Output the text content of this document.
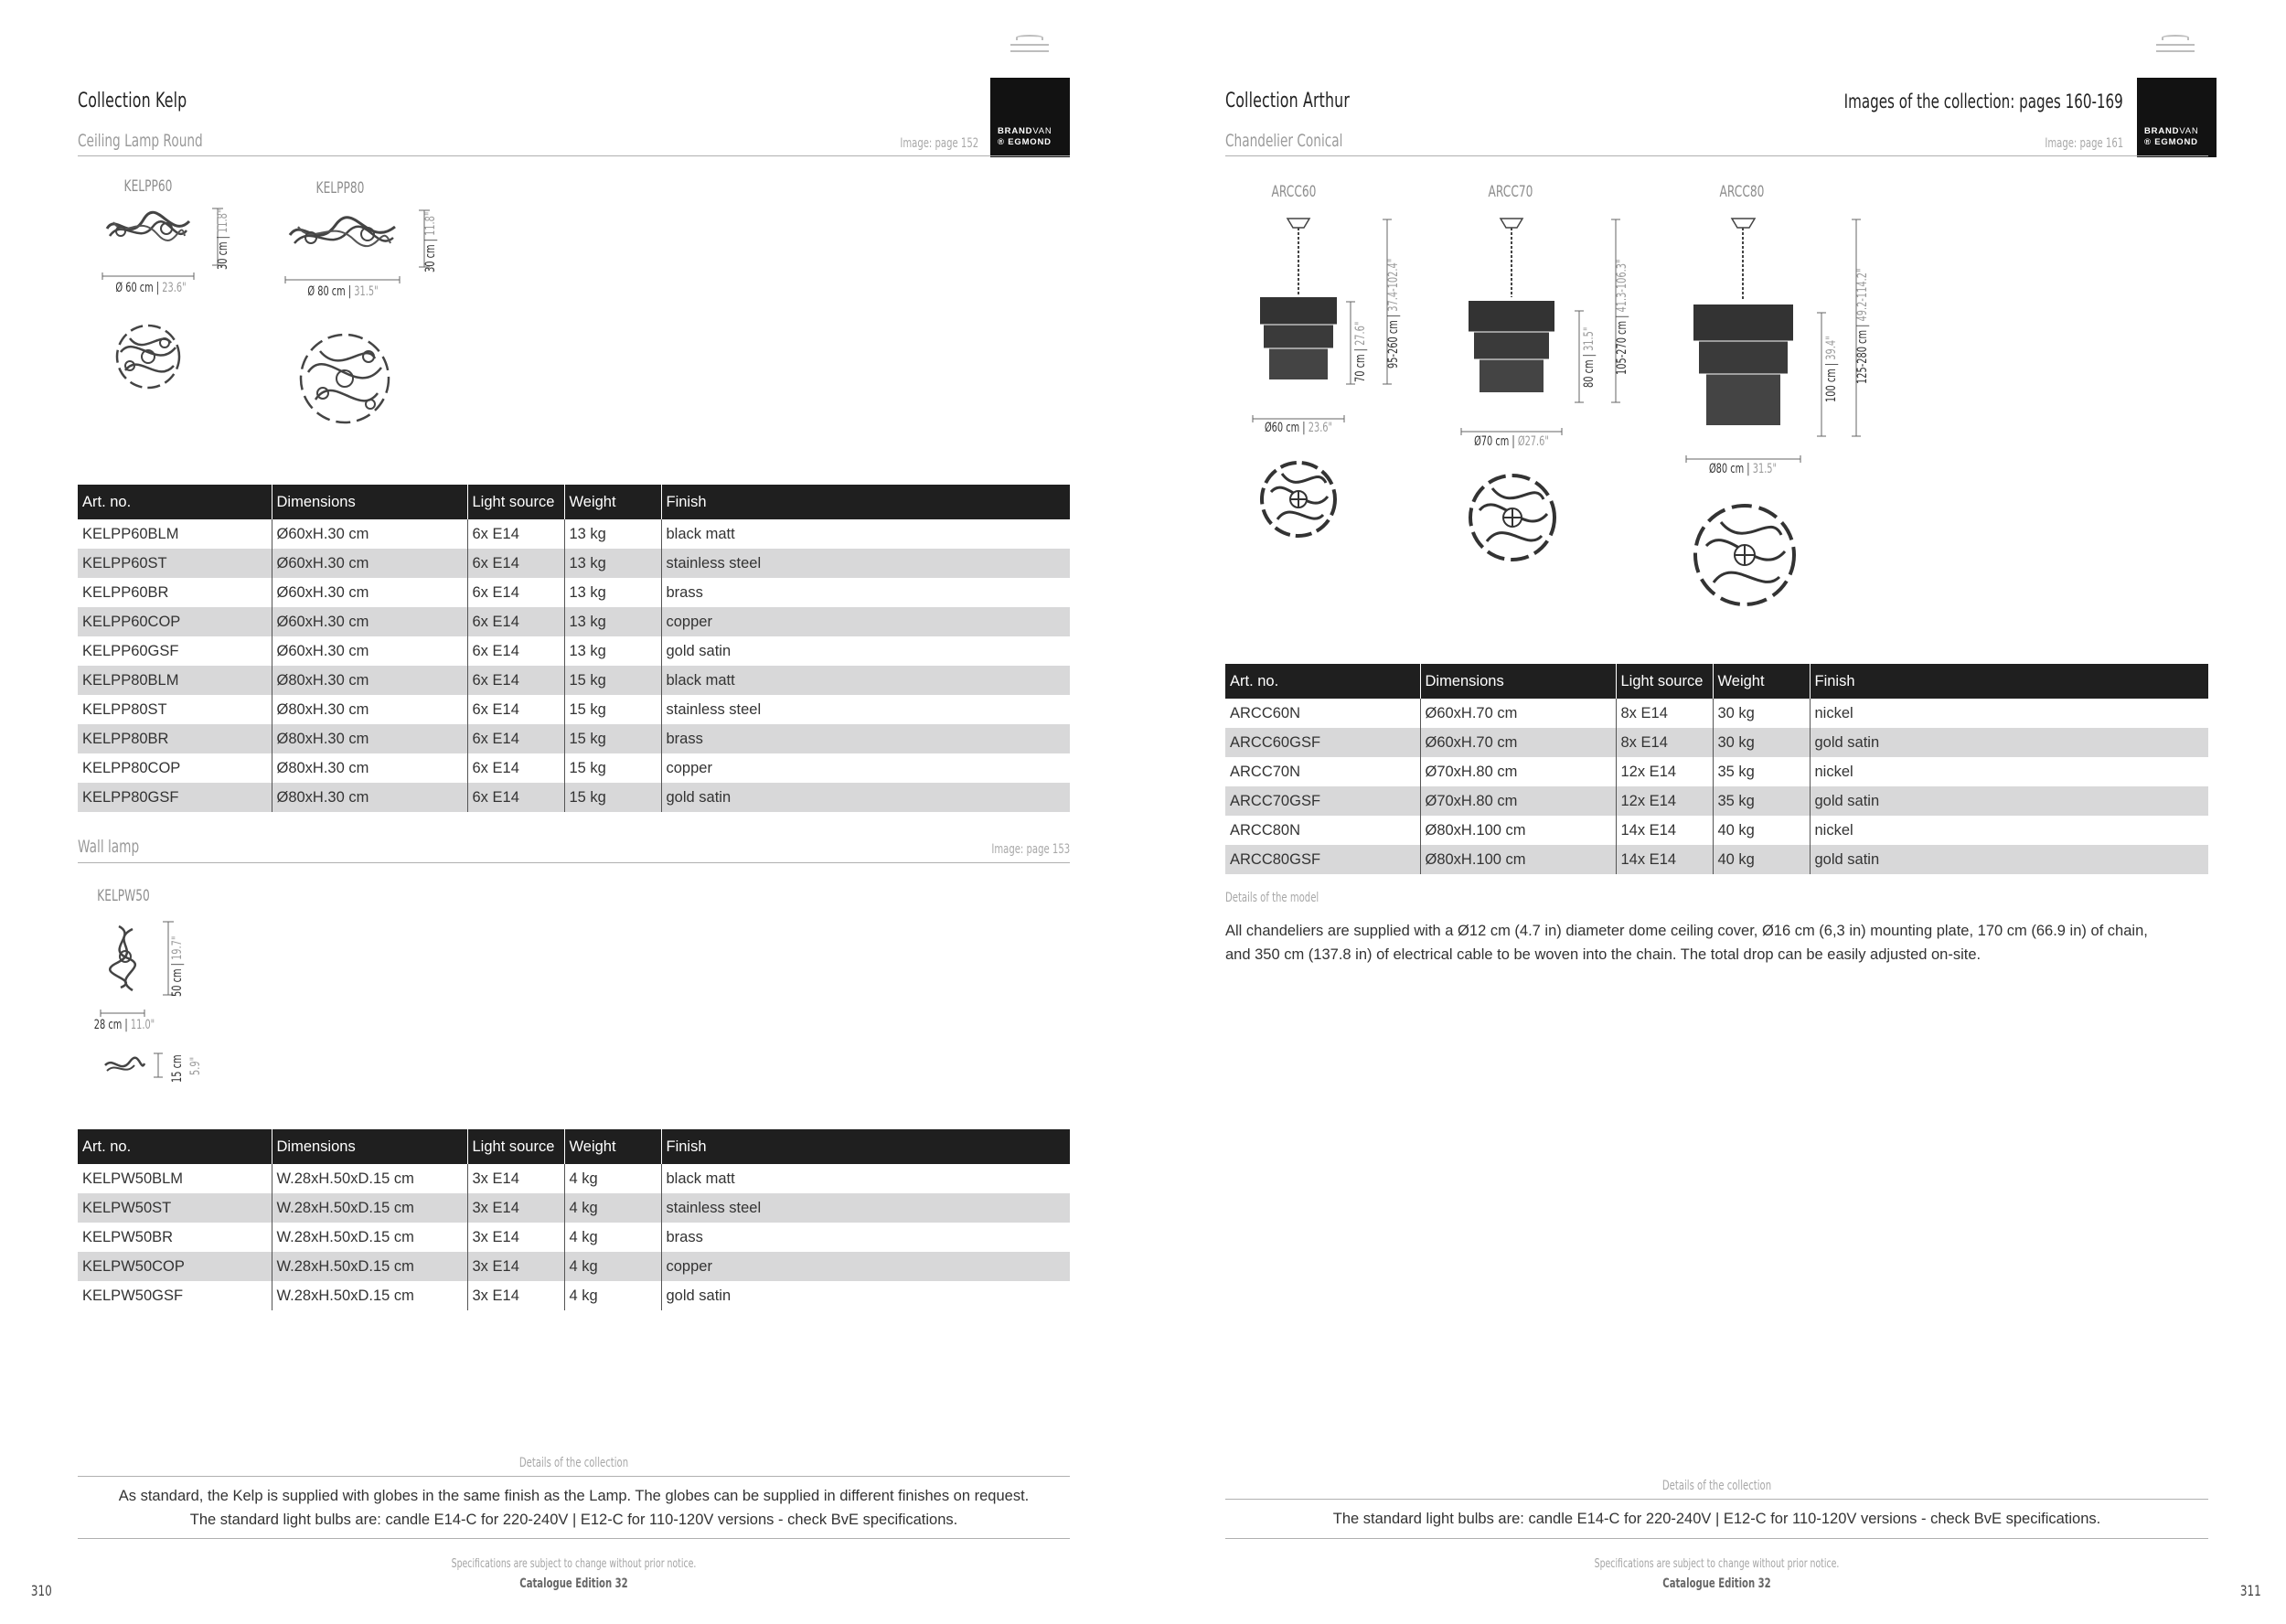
BRANDVAN
® EGMOND
Collection Kelp
Ceiling Lamp Round	Image: page 152
KELPP60
30 cm | 11.8"
Ø 60 cm | 23.6"
KELPP80
30 cm | 11.8"
Ø 80 cm | 31.5"
Art. no.	Dimensions	Light source	Weight	Finish
KELPP60BLM	Ø60xH.30 cm	6x E14	13 kg	black matt
KELPP60ST	Ø60xH.30 cm	6x E14	13 kg	stainless steel
KELPP60BR	Ø60xH.30 cm	6x E14	13 kg	brass
KELPP60COP	Ø60xH.30 cm	6x E14	13 kg	copper
KELPP60GSF	Ø60xH.30 cm	6x E14	13 kg	gold satin
KELPP80BLM	Ø80xH.30 cm	6x E14	15 kg	black matt
KELPP80ST	Ø80xH.30 cm	6x E14	15 kg	stainless steel
KELPP80BR	Ø80xH.30 cm	6x E14	15 kg	brass
KELPP80COP	Ø80xH.30 cm	6x E14	15 kg	copper
KELPP80GSF	Ø80xH.30 cm	6x E14	15 kg	gold satin
Wall lamp	Image: page 153
KELPW50
50 cm | 19.7"
28 cm | 11.0"
15 cm 5.9"
Art. no.	Dimensions	Light source	Weight	Finish
KELPW50BLM	W.28xH.50xD.15 cm	3x E14	4 kg	black matt
KELPW50ST	W.28xH.50xD.15 cm	3x E14	4 kg	stainless steel
KELPW50BR	W.28xH.50xD.15 cm	3x E14	4 kg	brass
KELPW50COP	W.28xH.50xD.15 cm	3x E14	4 kg	copper
KELPW50GSF	W.28xH.50xD.15 cm	3x E14	4 kg	gold satin
Details of the collection
As standard, the Kelp is supplied with globes in the same finish as the Lamp. The globes can be supplied in different finishes on request.
The standard light bulbs are: candle E14-C for 220-240V | E12-C for 110-120V versions - check BvE specifications.
Specifications are subject to change without prior notice.
Catalogue Edition 32
310
BRANDVAN
® EGMOND
Collection Arthur	Images of the collection: pages 160-169
Chandelier Conical	Image: page 161
ARCC60
70 cm | 27.6" 95-260 cm | 37.4-102.4"
Ø60 cm | 23.6"
ARCC70
80 cm | 31.5" 105-270 cm | 41.3-106.3"
Ø70 cm | Ø27.6"
ARCC80
100 cm | 39.4" 125-280 cm | 49.2-114.2"
Ø80 cm | 31.5"
Art. no.	Dimensions	Light source	Weight	Finish
ARCC60N	Ø60xH.70 cm	8x E14	30 kg	nickel
ARCC60GSF	Ø60xH.70 cm	8x E14	30 kg	gold satin
ARCC70N	Ø70xH.80 cm	12x E14	35 kg	nickel
ARCC70GSF	Ø70xH.80 cm	12x E14	35 kg	gold satin
ARCC80N	Ø80xH.100 cm	14x E14	40 kg	nickel
ARCC80GSF	Ø80xH.100 cm	14x E14	40 kg	gold satin
Details of the model
All chandeliers are supplied with a Ø12 cm (4.7 in) diameter dome ceiling cover, Ø16 cm (6,3 in) mounting plate, 170 cm (66.9 in) of chain,
and 350 cm (137.8 in) of electrical cable to be woven into the chain. The total drop can be easily adjusted on-site.
Details of the collection
The standard light bulbs are: candle E14-C for 220-240V | E12-C for 110-120V versions - check BvE specifications.
Specifications are subject to change without prior notice.
Catalogue Edition 32	311
